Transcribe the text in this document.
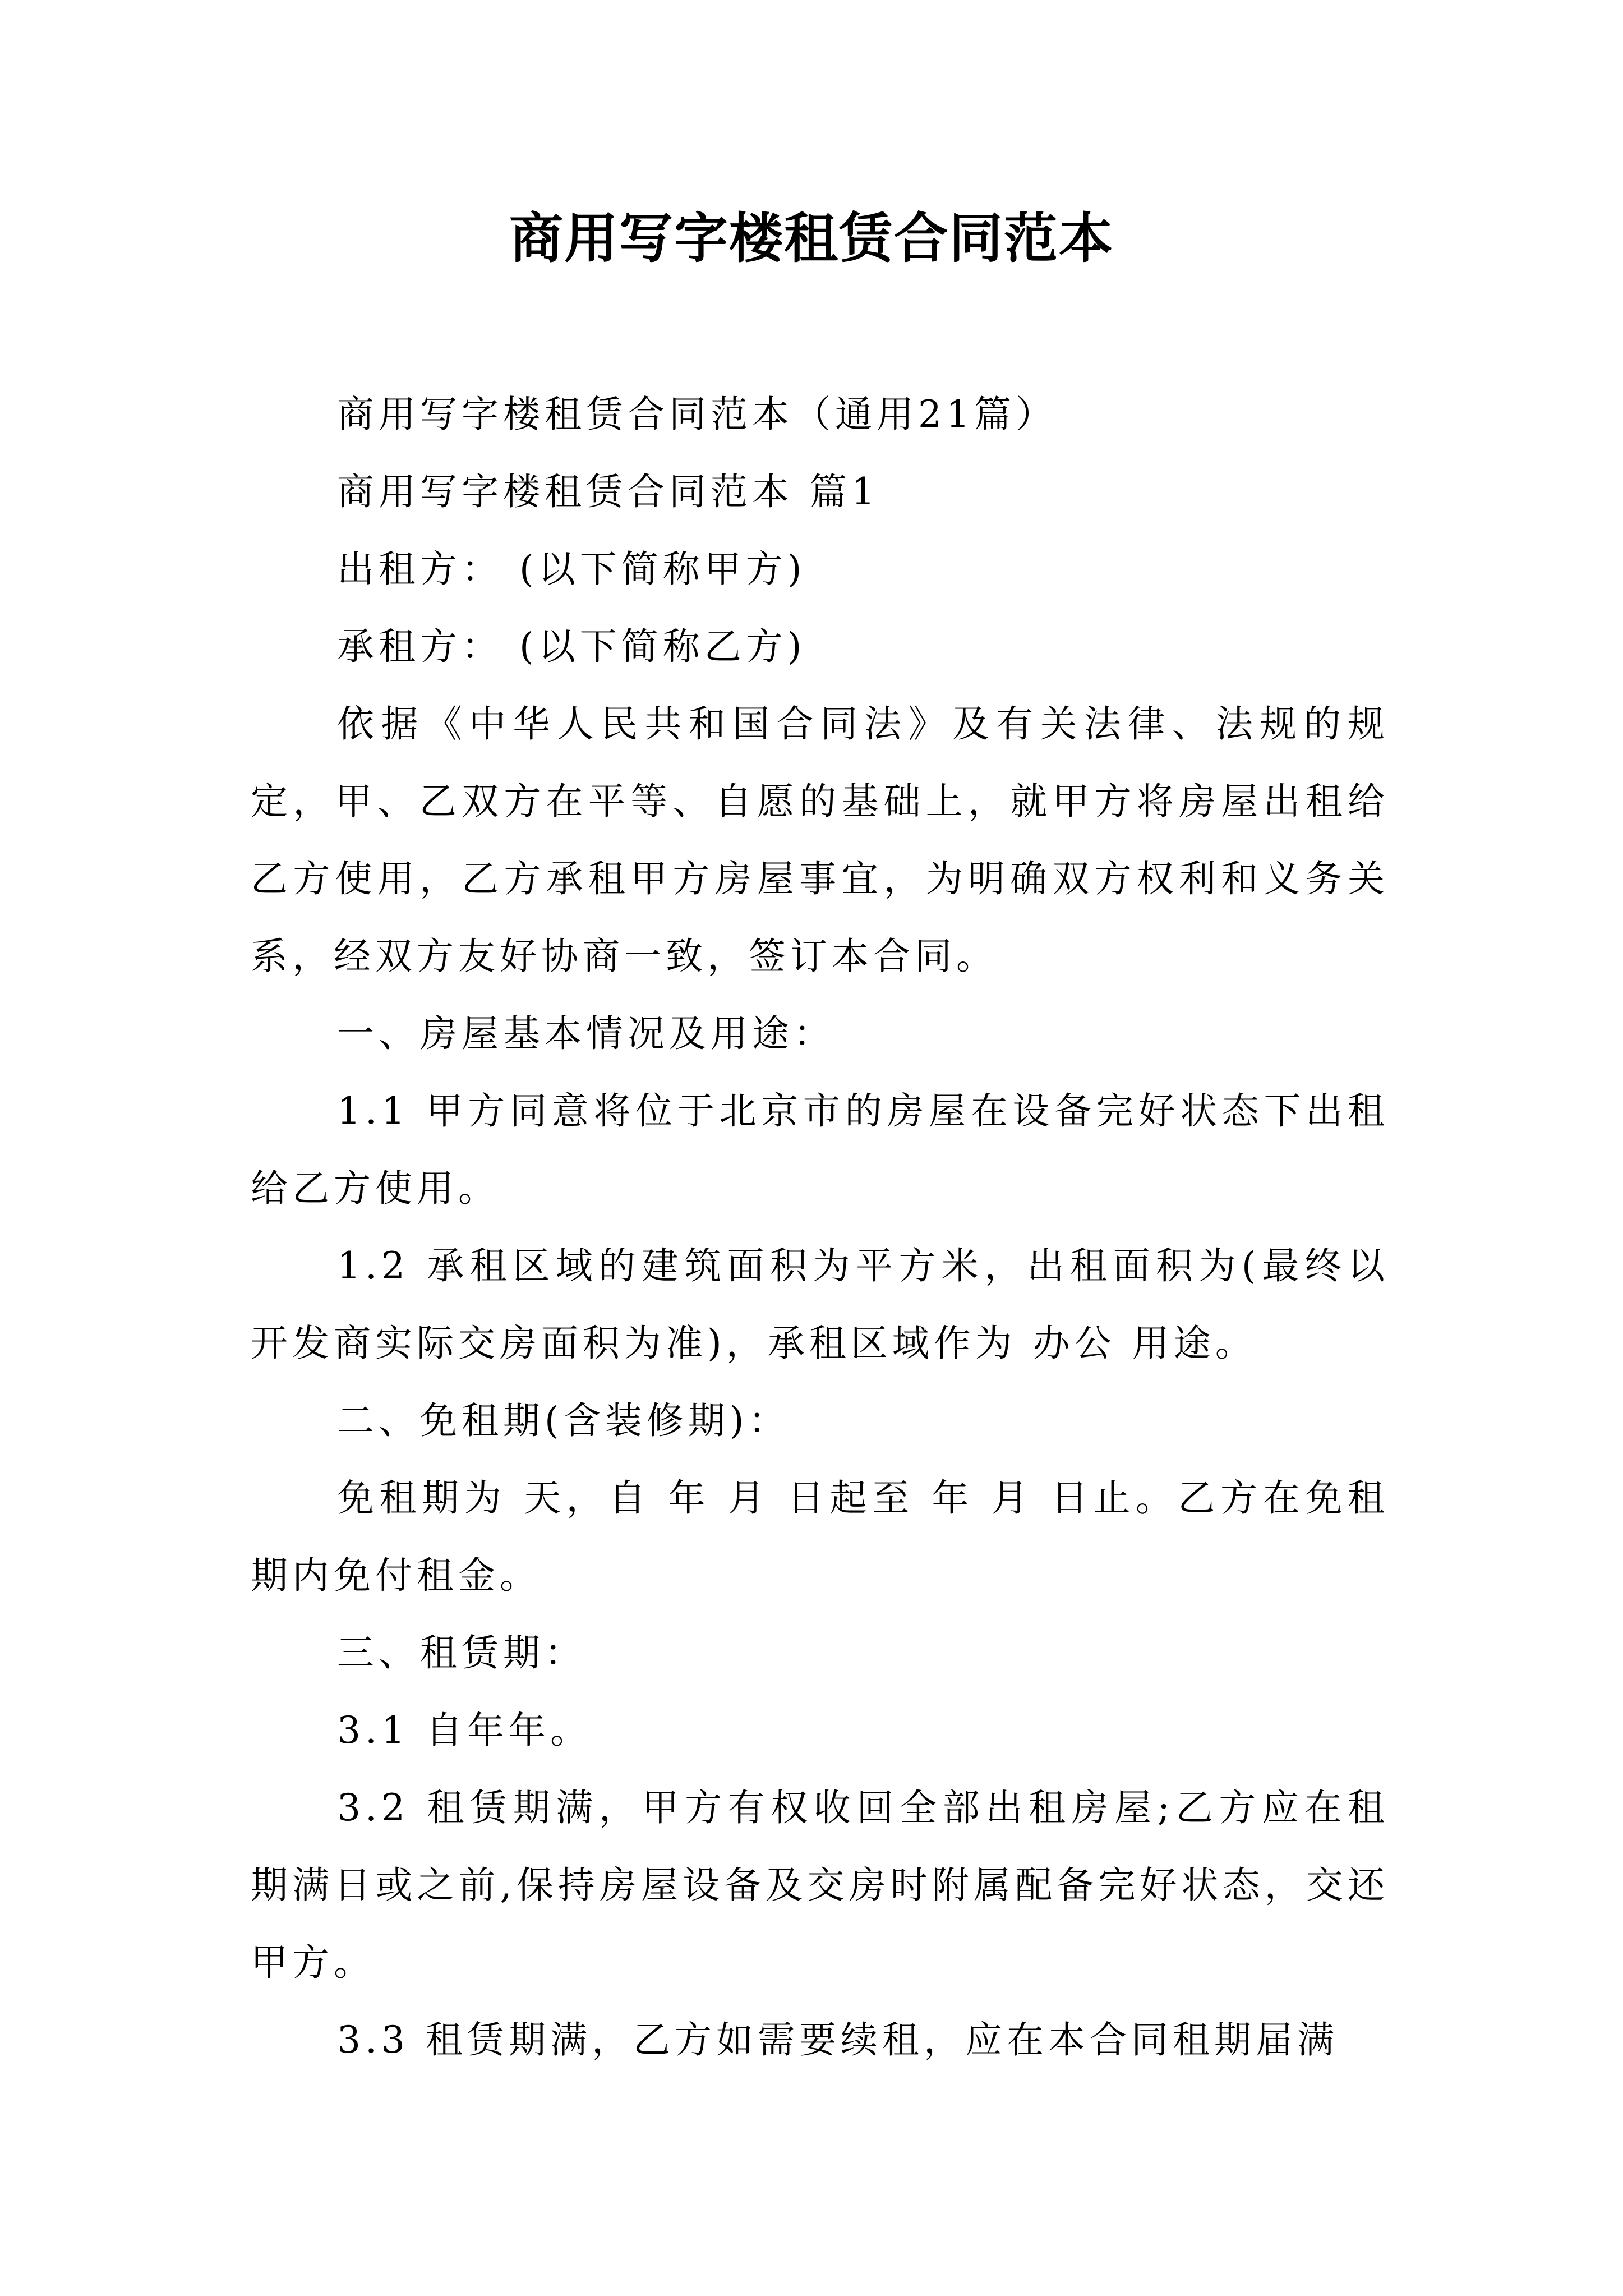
商用写字楼租赁合同范本

商用写字楼租赁合同范本（通用21篇）

商用写字楼租赁合同范本 篇1

出租方： (以下简称甲方)

承租方： (以下简称乙方)

依据《中华人民共和国合同法》及有关法律、法规的规定，甲、乙双方在平等、自愿的基础上，就甲方将房屋出租给乙方使用，乙方承租甲方房屋事宜，为明确双方权利和义务关系，经双方友好协商一致，签订本合同。

一、房屋基本情况及用途：

1.1 甲方同意将位于北京市的房屋在设备完好状态下出租给乙方使用。

1.2 承租区域的建筑面积为平方米，出租面积为(最终以开发商实际交房面积为准)，承租区域作为 办公 用途。

二、免租期(含装修期)：

免租期为 天，自 年 月 日起至 年 月 日止。乙方在免租期内免付租金。

三、租赁期：

3.1 自年年。

3.2 租赁期满，甲方有权收回全部出租房屋;乙方应在租期满日或之前,保持房屋设备及交房时附属配备完好状态，交还甲方。

3.3 租赁期满，乙方如需要续租，应在本合同租期届满
